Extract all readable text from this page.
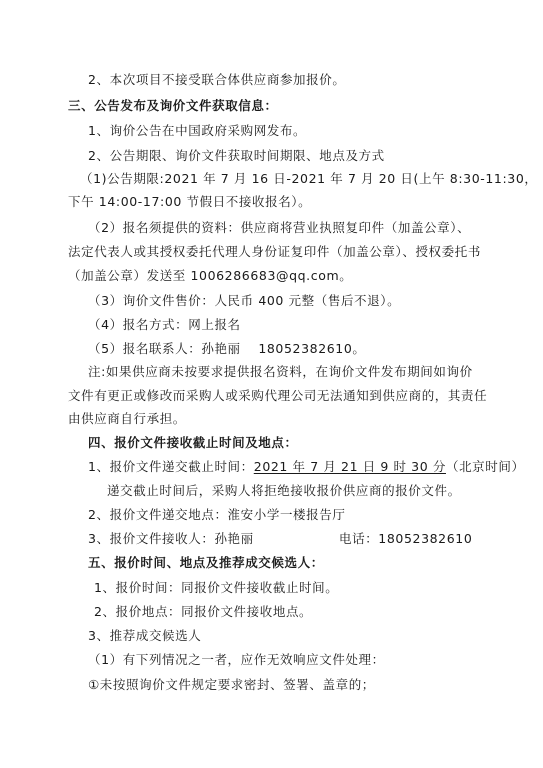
2、本次项目不接受联合体供应商参加报价。
三、公告发布及询价文件获取信息：
1、询价公告在中国政府采购网发布。
2、公告期限、询价文件获取时间期限、地点及方式
（1)公告期限:2021 年 7 月 16 日-2021 年 7 月 20 日(上午 8:30-11:30，
下午 14:00-17:00 节假日不接收报名）。
（2）报名须提供的资料：供应商将营业执照复印件（加盖公章）、
法定代表人或其授权委托代理人身份证复印件（加盖公章）、授权委托书
（加盖公章）发送至 1006286683@qq.com。
（3）询价文件售价：人民币 400 元整（售后不退）。
（4）报名方式：网上报名
（5）报名联系人：孙艳丽　 18052382610。
注:如果供应商未按要求提供报名资料，在询价文件发布期间如询价
文件有更正或修改而采购人或采购代理公司无法通知到供应商的，其责任
由供应商自行承担。
四、报价文件接收截止时间及地点：
1、报价文件递交截止时间：2021 年 7 月 21 日 9 时 30 分（北京时间）
递交截止时间后，采购人将拒绝接收报价供应商的报价文件。
2、报价文件递交地点：淮安小学一楼报告厅
3、报价文件接收人：孙艳丽	电话：18052382610
五、报价时间、地点及推荐成交候选人：
1、报价时间：同报价文件接收截止时间。
2、报价地点：同报价文件接收地点。
3、推荐成交候选人
（1）有下列情况之一者，应作无效响应文件处理：
①未按照询价文件规定要求密封、签署、盖章的；
